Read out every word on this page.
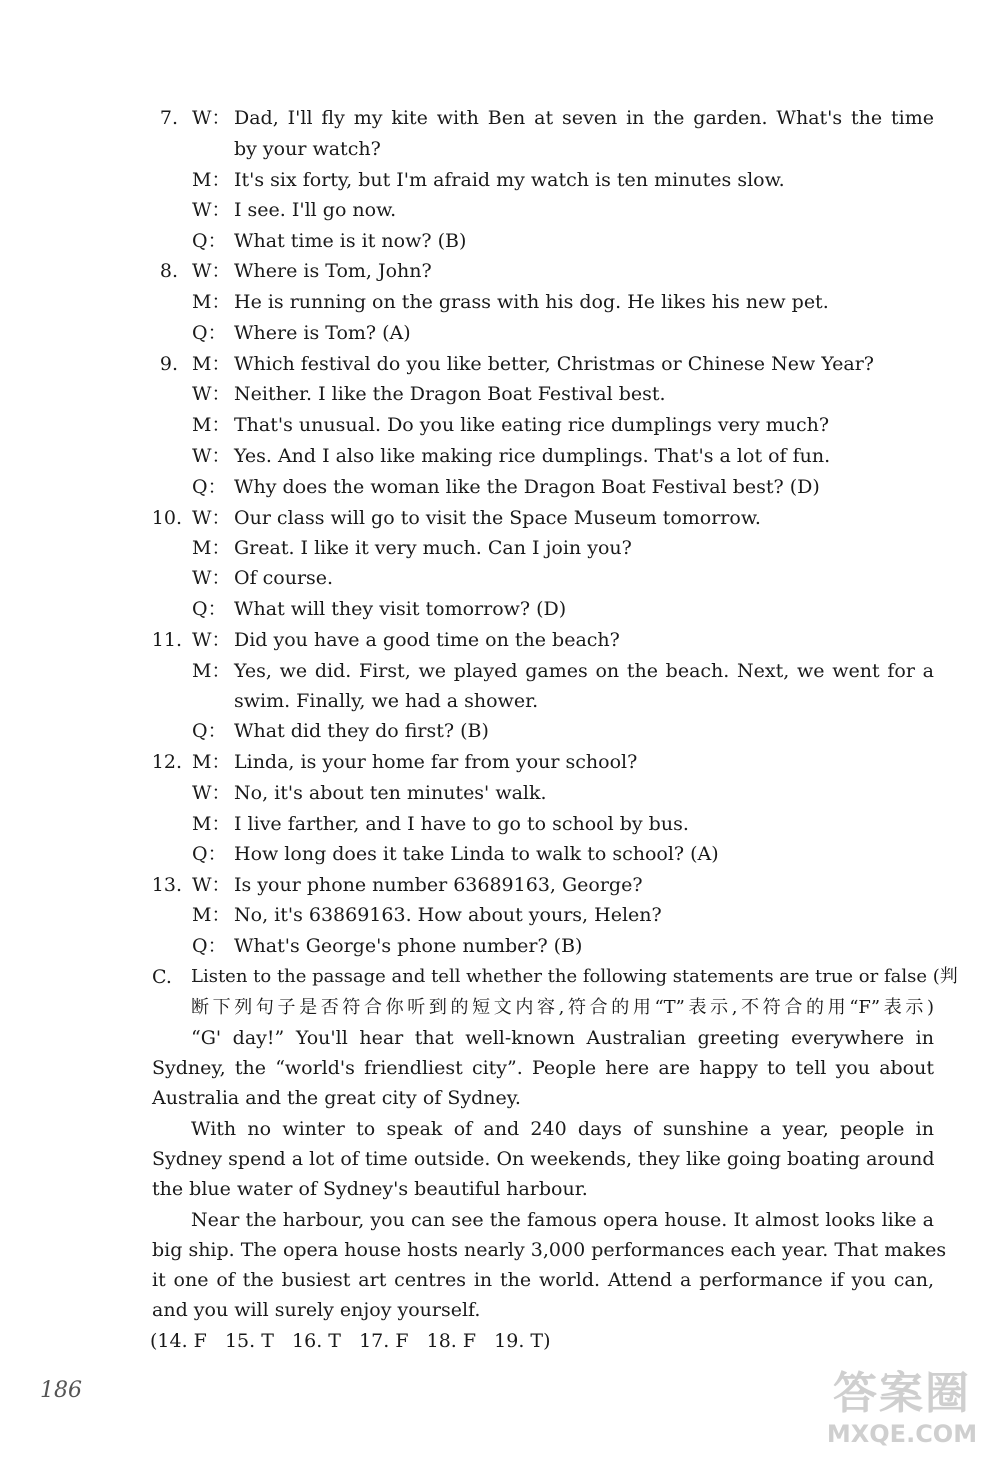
7. W： Dad, I'll fly my kite with Ben at seven in the garden. What's the time
by your watch?
M： It's six forty, but I'm afraid my watch is ten minutes slow.
W： I see. I'll go now.
Q： What time is it now? (B)
8. W： Where is Tom, John?
M： He is running on the grass with his dog. He likes his new pet.
Q： Where is Tom? (A)
9. M： Which festival do you like better, Christmas or Chinese New Year?
W： Neither. I like the Dragon Boat Festival best.
M： That's unusual. Do you like eating rice dumplings very much?
W： Yes. And I also like making rice dumplings. That's a lot of fun.
Q： Why does the woman like the Dragon Boat Festival best? (D)
10. W： Our class will go to visit the Space Museum tomorrow.
M： Great. I like it very much. Can I join you?
W： Of course.
Q： What will they visit tomorrow? (D)
11. W： Did you have a good time on the beach?
M： Yes, we did. First, we played games on the beach. Next, we went for a
swim. Finally, we had a shower.
Q： What did they do first? (B)
12. M： Linda, is your home far from your school?
W： No, it's about ten minutes' walk.
M： I live farther, and I have to go to school by bus.
Q： How long does it take Linda to walk to school? (A)
13. W： Is your phone number 63689163, George?
M： No, it's 63869163. How about yours, Helen?
Q： What's George's phone number? (B)
C. Listen to the passage and tell whether the following statements are true or false (判
断下列句子是否符合你听到的短文内容,符合的用“T”表示,不符合的用“F”表示)
“G' day!” You'll hear that well-known Australian greeting everywhere in
Sydney, the “world's friendliest city”. People here are happy to tell you about
Australia and the great city of Sydney.
With no winter to speak of and 240 days of sunshine a year, people in
Sydney spend a lot of time outside. On weekends, they like going boating around
the blue water of Sydney's beautiful harbour.
Near the harbour, you can see the famous opera house. It almost looks like a
big ship. The opera house hosts nearly 3,000 performances each year. That makes
it one of the busiest art centres in the world. Attend a performance if you can,
and you will surely enjoy yourself.
(14. F   15. T   16. T   17. F   18. F   19. T)
186	答案圈
MXQE.COM
